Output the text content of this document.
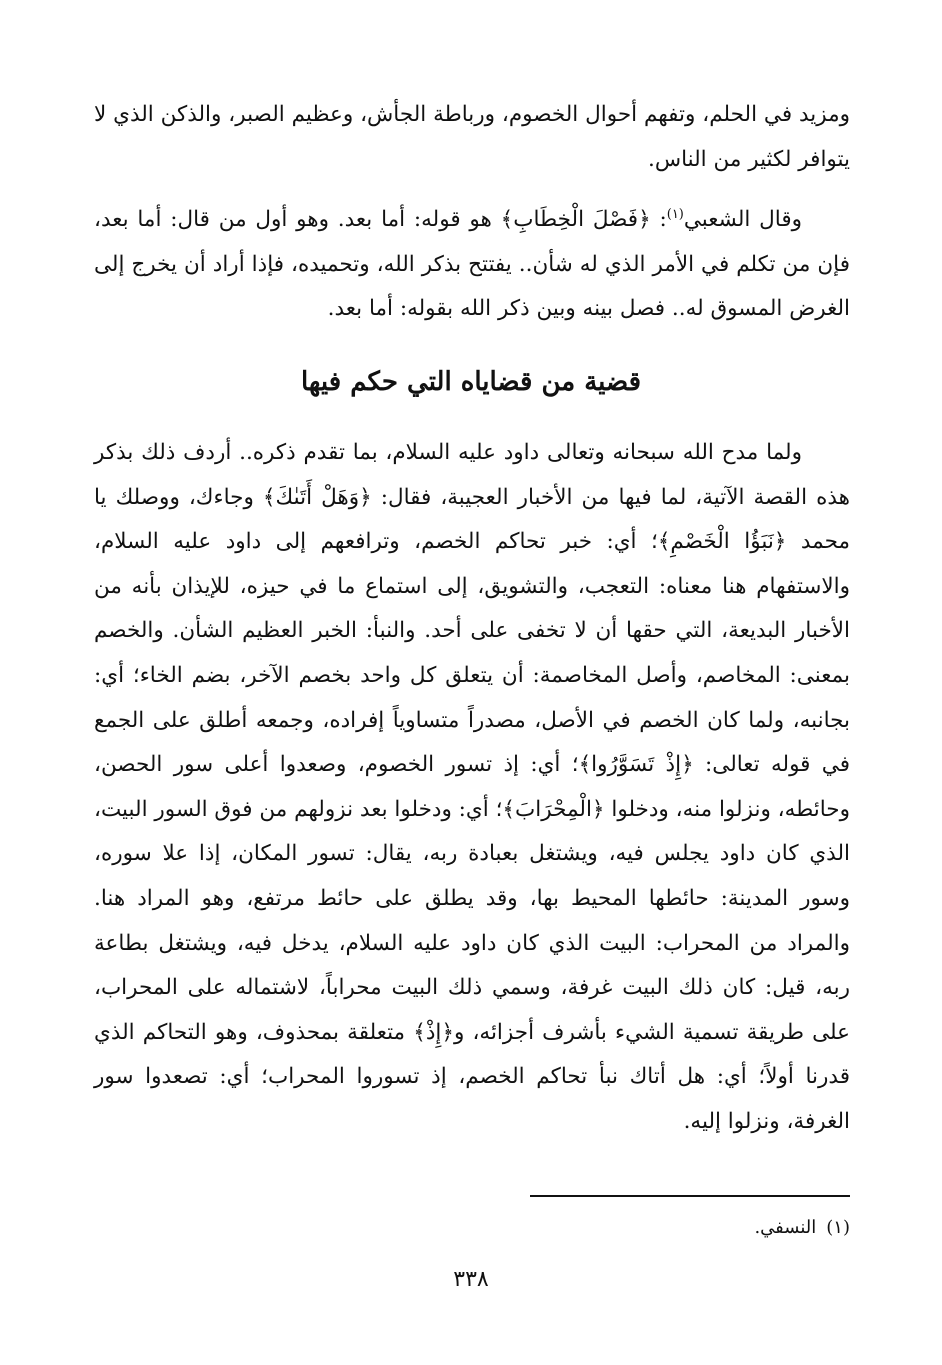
ومزيد في الحلم، وتفهم أحوال الخصوم، ورباطة الجأش، وعظيم الصبر، والذكن الذي لا يتوافر لكثير من الناس.

وقال الشعبي$^{(١)}$: ﴿فَصْلَ الْخِطَابِ﴾ هو قوله: أما بعد. وهو أول من قال: أما بعد، فإن من تكلم في الأمر الذي له شأن.. يفتتح بذكر الله، وتحميده، فإذا أراد أن يخرج إلى الغرض المسوق له.. فصل بينه وبين ذكر الله بقوله: أما بعد.

قضية من قضاياه التي حكم فيها

ولما مدح الله سبحانه وتعالى داود عليه السلام، بما تقدم ذكره.. أردف ذلك بذكر هذه القصة الآتية، لما فيها من الأخبار العجيبة، فقال: ﴿وَهَلْ أَتَىٰكَ﴾ وجاءك، ووصلك يا محمد ﴿نَبَؤُا الْخَصْمِ﴾؛ أي: خبر تحاكم الخصم، وترافعهم إلى داود عليه السلام، والاستفهام هنا معناه: التعجب، والتشويق، إلى استماع ما في حيزه، للإيذان بأنه من الأخبار البديعة، التي حقها أن لا تخفى على أحد. والنبأ: الخبر العظيم الشأن. والخصم بمعنى: المخاصم، وأصل المخاصمة: أن يتعلق كل واحد بخصم الآخر، بضم الخاء؛ أي: بجانبه، ولما كان الخصم في الأصل، مصدراً متساوياً إفراده، وجمعه أطلق على الجمع في قوله تعالى: ﴿إِذْ تَسَوَّرُوا﴾؛ أي: إذ تسور الخصوم، وصعدوا أعلى سور الحصن، وحائطه، ونزلوا منه، ودخلوا ﴿الْمِحْرَابَ﴾؛ أي: ودخلوا بعد نزولهم من فوق السور البيت، الذي كان داود يجلس فيه، ويشتغل بعبادة ربه، يقال: تسور المكان، إذا علا سوره، وسور المدينة: حائطها المحيط بها، وقد يطلق على حائط مرتفع، وهو المراد هنا. والمراد من المحراب: البيت الذي كان داود عليه السلام، يدخل فيه، ويشتغل بطاعة ربه، قيل: كان ذلك البيت غرفة، وسمي ذلك البيت محراباً، لاشتماله على المحراب، على طريقة تسمية الشيء بأشرف أجزائه، و﴿إِذْ﴾ متعلقة بمحذوف، وهو التحاكم الذي قدرنا أولاً؛ أي: هل أتاك نبأ تحاكم الخصم، إذ تسوروا المحراب؛ أي: تصعدوا سور الغرفة، ونزلوا إليه.

(١)النسفي.

٣٣٨
